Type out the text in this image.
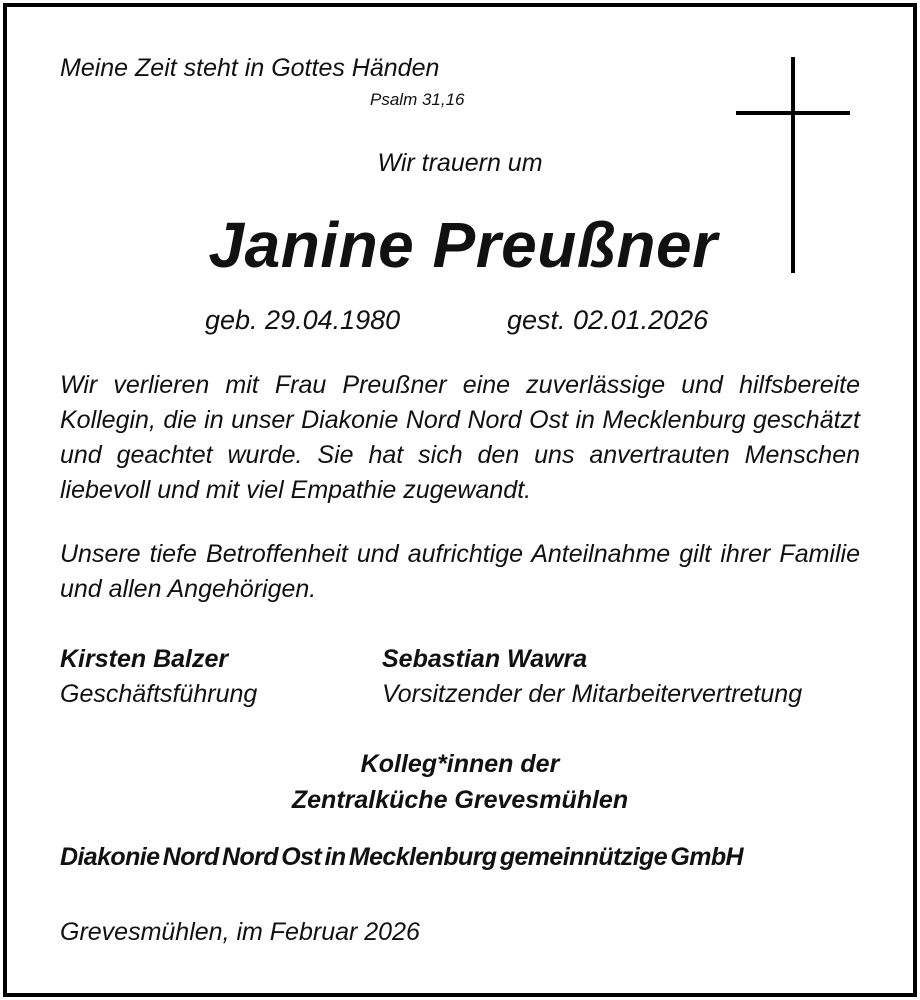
Meine Zeit steht in Gottes Händen
Psalm 31,16
Wir trauern um
Janine Preußner
geb. 29.04.1980	gest. 02.01.2026
Wir verlieren mit Frau Preußner eine zuverlässige und hilfsbereite Kollegin, die in unser Diakonie Nord Nord Ost in Mecklenburg geschätzt und geachtet wurde. Sie hat sich den uns anvertrauten Menschen liebevoll und mit viel Empathie zugewandt.
Unsere tiefe Betroffenheit und aufrichtige Anteilnahme gilt ihrer Familie und allen Angehörigen.
Kirsten Balzer
Geschäftsführung
Sebastian Wawra
Vorsitzender der Mitarbeitervertretung
Kolleg*innen der
Zentralküche Grevesmühlen
Diakonie Nord Nord Ost in Mecklenburg gemeinnützige GmbH
Grevesmühlen, im Februar 2026
